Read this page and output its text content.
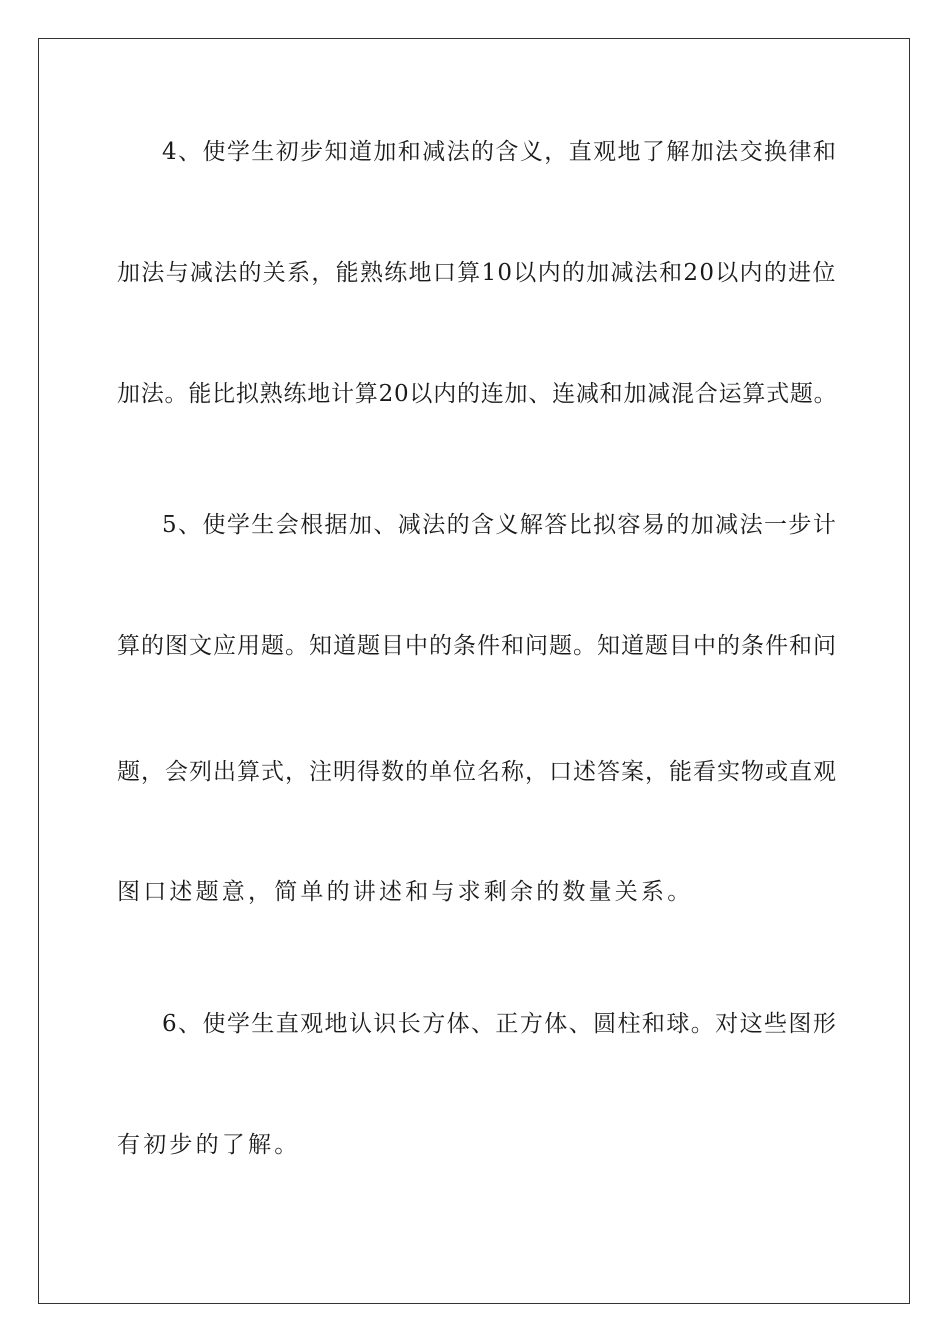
4、使学生初步知道加和减法的含义，直观地了解加法交换律和
加法与减法的关系，能熟练地口算10以内的加减法和20以内的进位
加法。能比拟熟练地计算20以内的连加、连减和加减混合运算式题。
5、使学生会根据加、减法的含义解答比拟容易的加减法一步计
算的图文应用题。知道题目中的条件和问题。知道题目中的条件和问
题，会列出算式，注明得数的单位名称，口述答案，能看实物或直观
图口述题意，简单的讲述和与求剩余的数量关系。
6、使学生直观地认识长方体、正方体、圆柱和球。对这些图形
有初步的了解。
